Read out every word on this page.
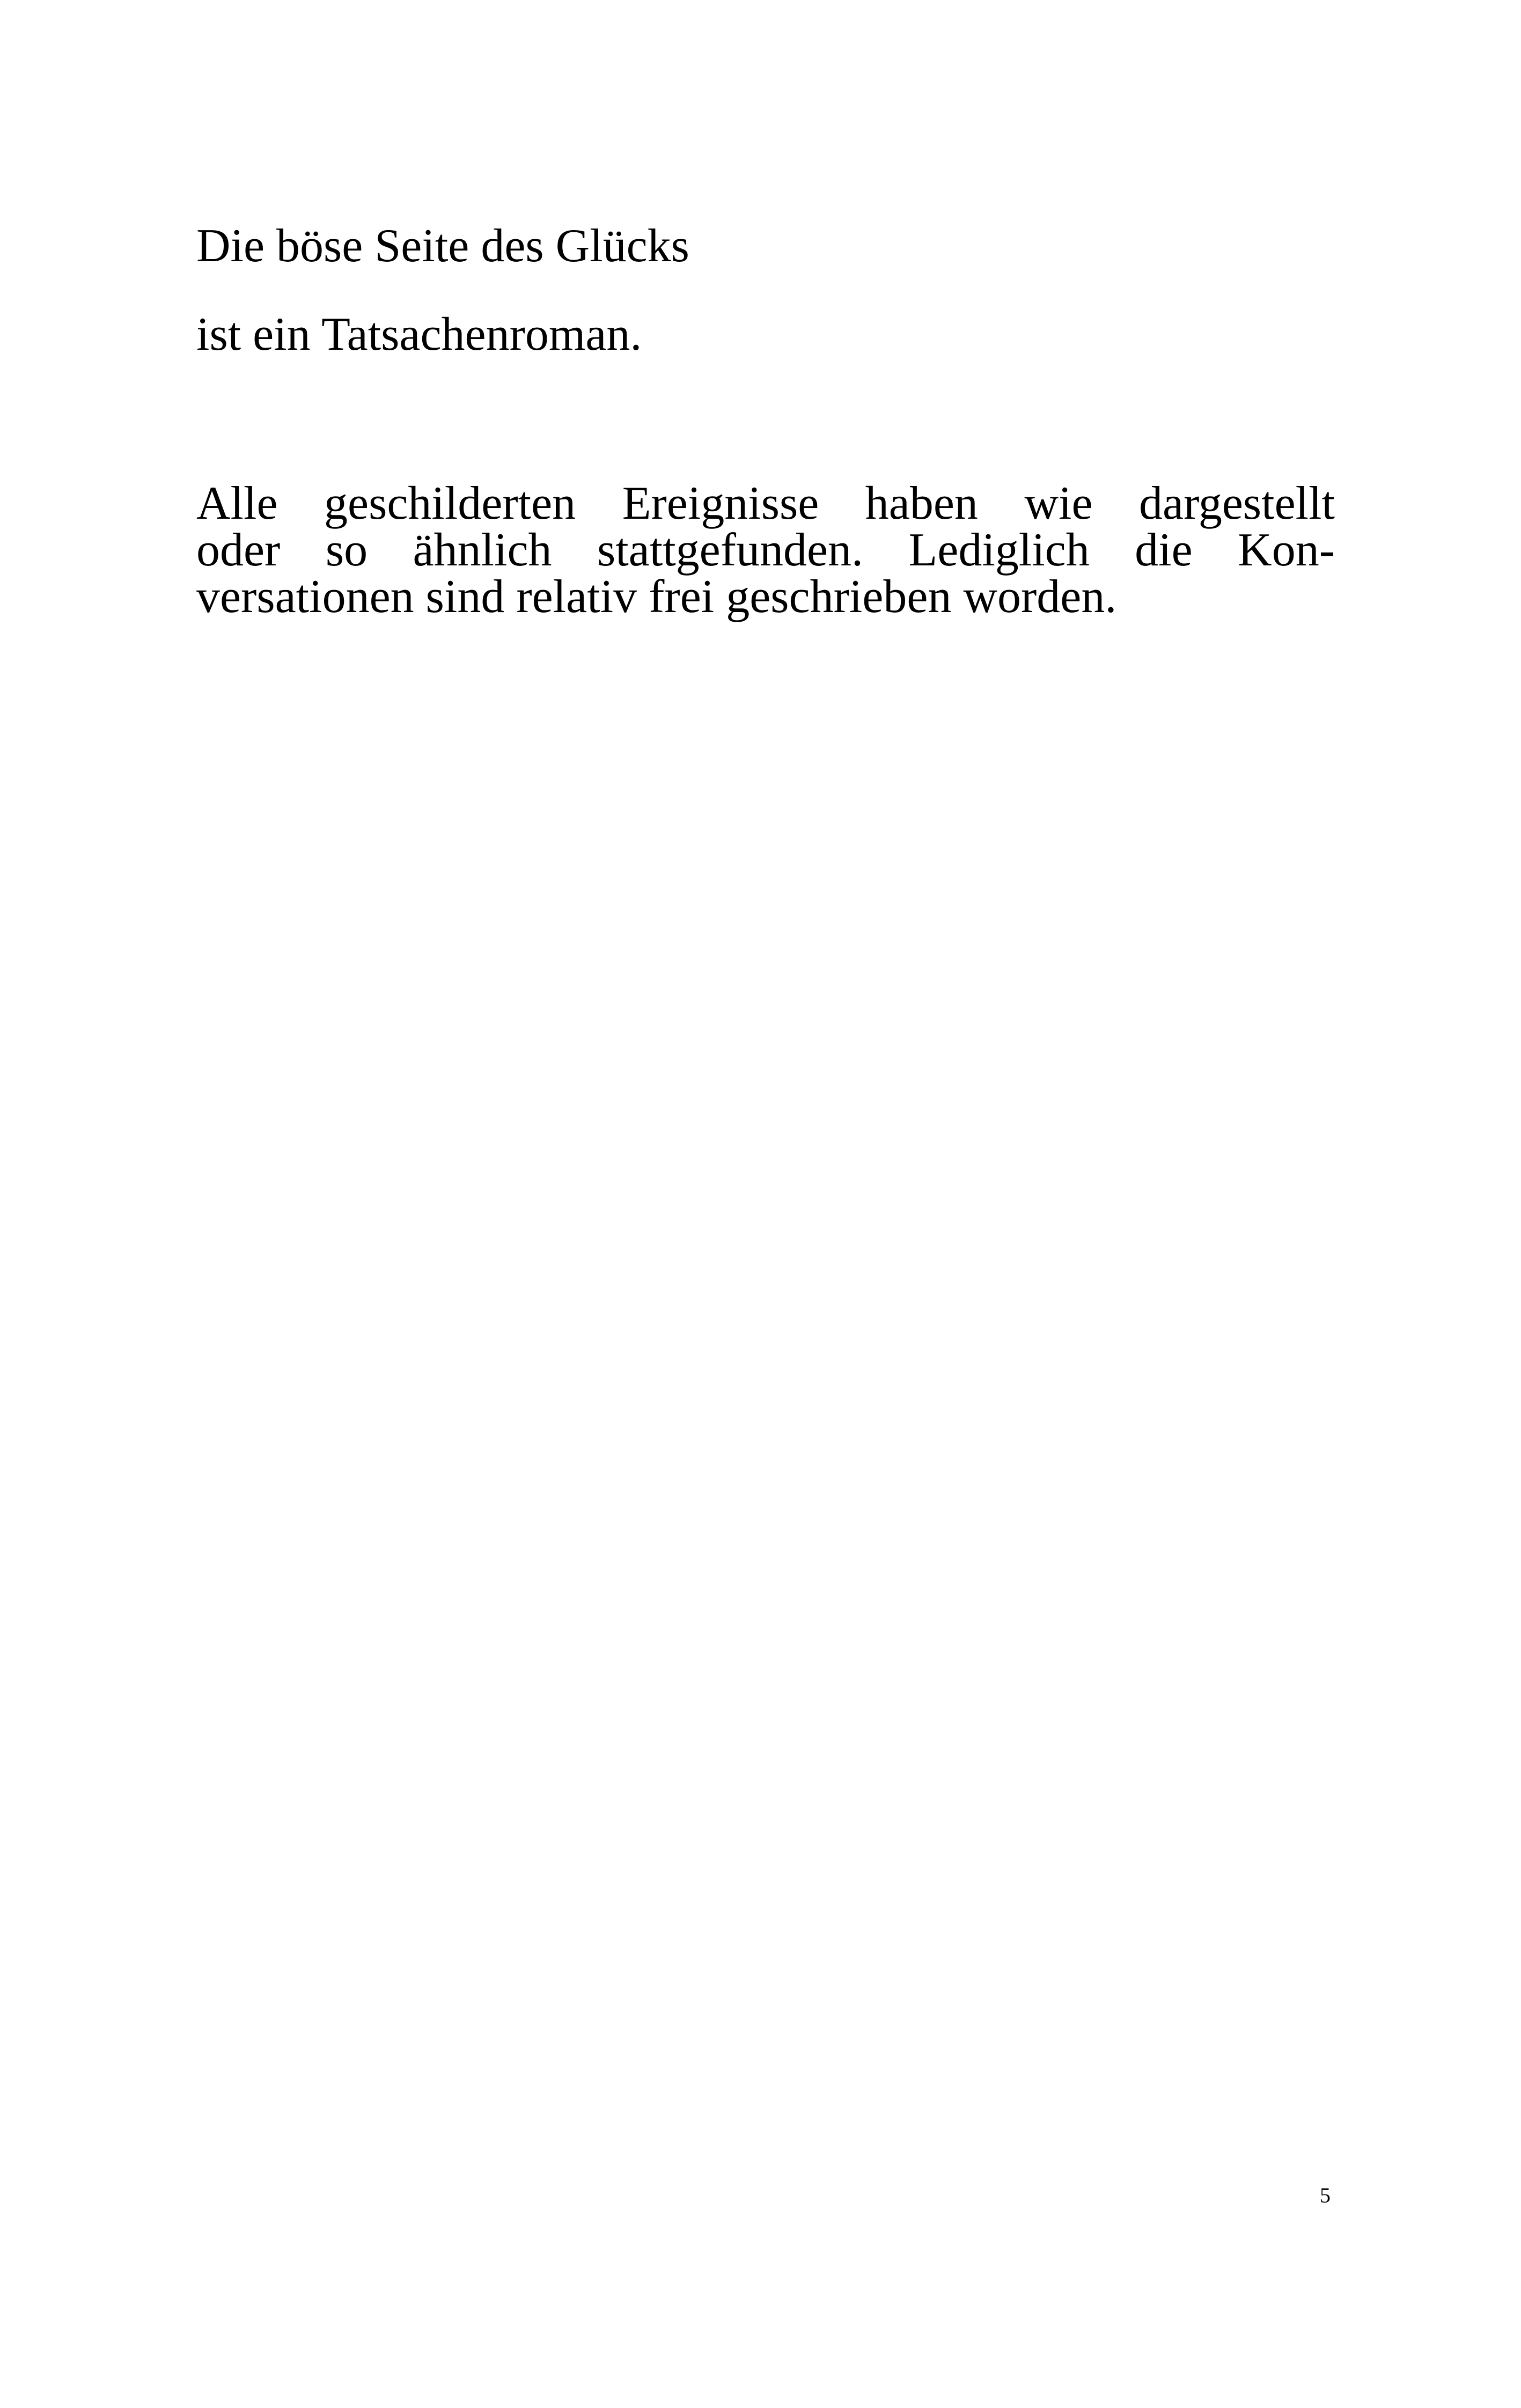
Die böse Seite des Glücks
ist ein Tatsachenroman.
Alle geschilderten Ereignisse haben wie dargestellt
oder so ähnlich stattgefunden. Lediglich die Kon-
versationen sind relativ frei geschrieben worden.
5
